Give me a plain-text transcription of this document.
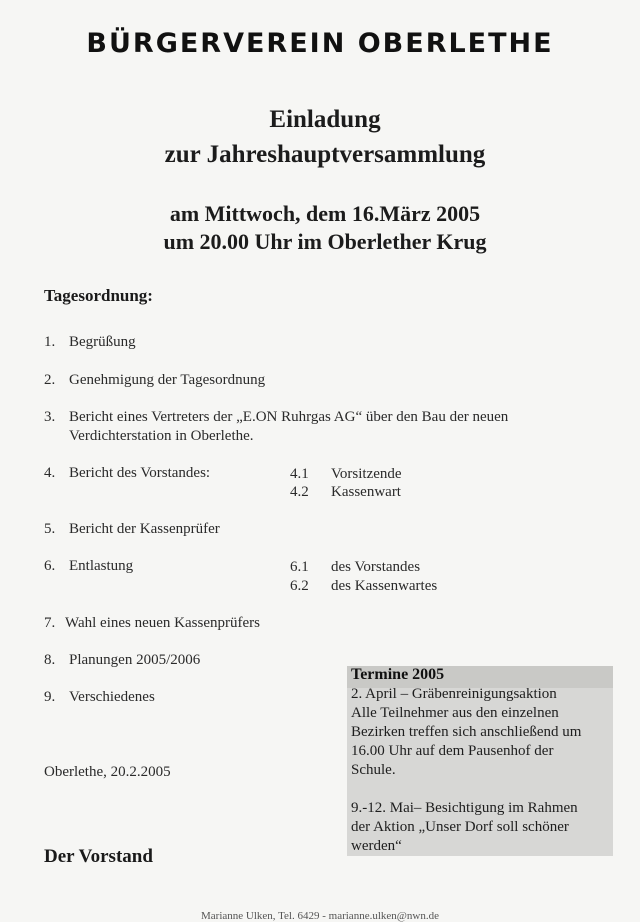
BÜRGERVEREIN OBERLETHE
Einladung
zur Jahreshauptversammlung
am Mittwoch, dem 16.März 2005
um 20.00 Uhr im Oberlether Krug
Tagesordnung:
1. Begrüßung
2. Genehmigung der Tagesordnung
3. Bericht eines Vertreters der „E.ON Ruhrgas AG“ über den Bau der neuen
Verdichterstation in Oberlethe.
4. Bericht des Vorstandes:	4.1 Vorsitzende
4.2 Kassenwart
5. Bericht der Kassenprüfer
6. Entlastung	6.1 des Vorstandes
6.2 des Kassenwartes
7. Wahl eines neuen Kassenprüfers
8. Planungen 2005/2006
9. Verschiedenes
Oberlethe, 20.2.2005
Der Vorstand
Termine 2005
2. April – Gräbenreinigungsaktion
Alle Teilnehmer aus den einzelnen
Bezirken treffen sich anschließend um
16.00 Uhr auf dem Pausenhof der
Schule.
9.-12. Mai– Besichtigung im Rahmen
der Aktion „Unser Dorf soll schöner
werden“
Marianne Ulken, Tel. 6429 - marianne.ulken@nwn.de
